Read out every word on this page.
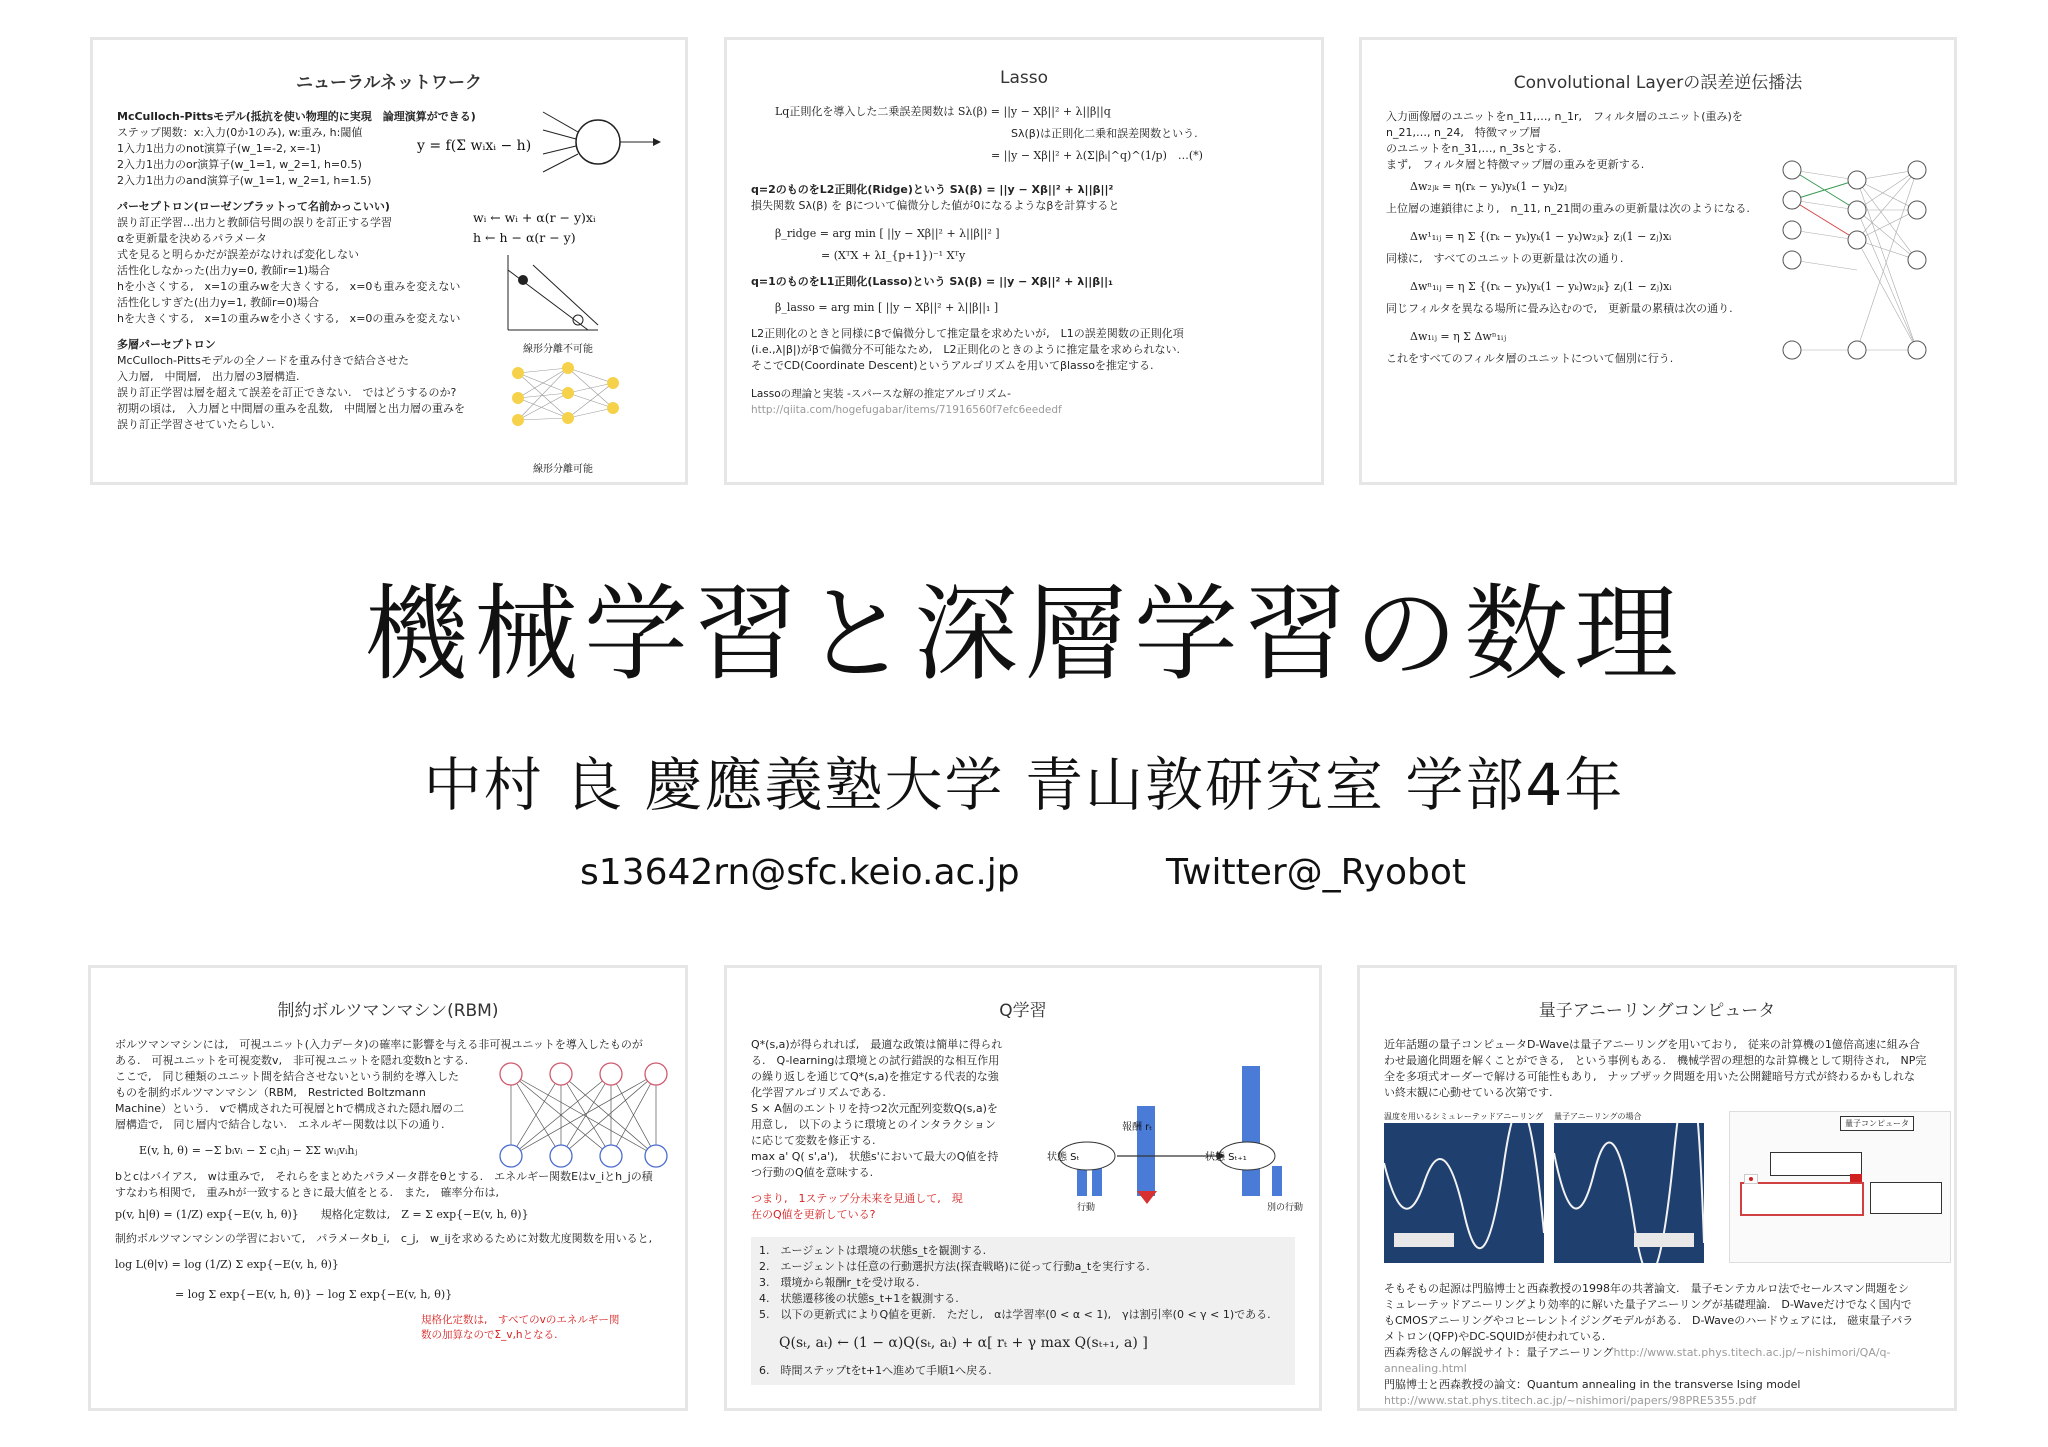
ニューラルネットワーク

McCulloch-Pittsモデル(抵抗を使い物理的に実現　論理演算ができる)

ステップ関数：x:入力(0か1のみ), w:重み, h:閾値

1入力1出力のnot演算子(w_1=-2, x=-1)

2入力1出力のor演算子(w_1=1, w_2=1, h=0.5)

2入力1出力のand演算子(w_1=1, w_2=1, h=1.5)

パーセプトロン(ローゼンブラットって名前かっこいい)

誤り訂正学習…出力と教師信号間の誤りを訂正する学習

αを更新量を決めるパラメータ

式を見ると明らかだが誤差がなければ変化しない

活性化しなかった(出力y=0, 教師r=1)場合

hを小さくする,　x=1の重みwを大きくする,　x=0も重みを変えない

活性化しすぎた(出力y=1, 教師r=0)場合

hを大きくする,　x=1の重みwを小さくする,　x=0の重みを変えない

多層パーセプトロン

McCulloch-Pittsモデルの全ノードを重み付きで結合させた

入力層,　中間層,　出力層の3層構造.

誤り訂正学習は層を超えて誤差を訂正できない.　ではどうするのか?

初期の頃は,　入力層と中間層の重みを乱数,　中間層と出力層の重みを

誤り訂正学習させていたらしい.

y = f(Σ wᵢxᵢ − h)
wᵢ ← wᵢ + α(r − y)xᵢ
h ← h − α(r − y)
線形分離不可能
線形分離可能
Lasso

Lq正則化を導入した二乗誤差関数は Sλ(β) = ||y − Xβ||² + λ||β||q

Sλ(β)は正則化二乗和誤差関数という.

= ||y − Xβ||² + λ(Σ|βᵢ|^q)^(1/p)　…(*)

q=2のものをL2正則化(Ridge)という Sλ(β) = ||y − Xβ||² + λ||β||²

損失関数 Sλ(β) を βについて偏微分した値が0になるようなβを計算すると

β_ridge = arg min [ ||y − Xβ||² + λ||β||² ]

= (XᵀX + λI_{p+1})⁻¹ Xᵀy

q=1のものをL1正則化(Lasso)という Sλ(β) = ||y − Xβ||² + λ||β||₁

β_lasso = arg min [ ||y − Xβ||² + λ||β||₁ ]

L2正則化のときと同様にβで偏微分して推定量を求めたいが,　L1の誤差関数の正則化項

(i.e.,λ|β|)がβで偏微分不可能なため,　L2正則化のときのように推定量を求められない.

そこでCD(Coordinate Descent)というアルゴリズムを用いてβlassoを推定する.

Lassoの理論と実装 -スパースな解の推定アルゴリズム-http://qiita.com/hogefugabar/items/71916560f7efc6eededf

Convolutional Layerの誤差逆伝播法

入力画像層のユニットをn_11,…, n_1r,　フィルタ層のユニット(重み)をn_21,…, n_24,　特徴マップ層

のユニットをn_31,…, n_3sとする.

まず,　フィルタ層と特徴マップ層の重みを更新する.

Δw₂ⱼₖ = η(rₖ − yₖ)yₖ(1 − yₖ)zⱼ

上位層の連鎖律により,　n_11, n_21間の重みの更新量は次のようになる.

Δw¹₁ᵢⱼ = η Σ {(rₖ − yₖ)yₖ(1 − yₖ)w₂ⱼₖ} zⱼ(1 − zⱼ)xᵢ

同様に,　すべてのユニットの更新量は次の通り.

Δwⁿ₁ᵢⱼ = η Σ {(rₖ − yₖ)yₖ(1 − yₖ)w₂ⱼₖ} zⱼ(1 − zⱼ)xᵢ

同じフィルタを異なる場所に畳み込むので,　更新量の累積は次の通り.

Δw₁ᵢⱼ = η Σ Δwⁿ₁ᵢⱼ

これをすべてのフィルタ層のユニットについて個別に行う.

機械学習と深層学習の数理
中村 良 慶應義塾大学 青山敦研究室 学部4年
s13642rn@sfc.keio.ac.jp	Twitter@_Ryobot
制約ボルツマンマシン(RBM)

ボルツマンマシンには,　可視ユニット(入力データ)の確率に影響を与える非可視ユニットを導入したものが

ある.　可視ユニットを可視変数v,　非可視ユニットを隠れ変数hとする.

ここで,　同じ種類のユニット間を結合させないという制約を導入した

ものを制約ボルツマンマシン（RBM,　Restricted Boltzmann

Machine）という.　vで構成された可視層とhで構成された隠れ層の二

層構造で,　同じ層内で結合しない.　エネルギー関数は以下の通り.

E(v, h, θ) = −Σ bᵢvᵢ − Σ cⱼhⱼ − ΣΣ wᵢⱼvᵢhⱼ

bとcはバイアス,　wは重みで,　それらをまとめたパラメータ群をθとする.　エネルギー関数Eはv_iとh_jの積

すなわち相関で,　重みhが一致するときに最大値をとる.　また,　確率分布は,

p(v, h|θ) = (1/Z) exp{−E(v, h, θ)}　　規格化定数は,　Z = Σ exp{−E(v, h, θ)}

制約ボルツマンマシンの学習において,　パラメータb_i,　c_j,　w_ijを求めるために対数尤度関数を用いると,

log L(θ|v) = log (1/Z) Σ exp{−E(v, h, θ)}

= log Σ exp{−E(v, h, θ)} − log Σ exp{−E(v, h, θ)}

規格化定数は,　すべてのvのエネルギー関
数の加算なのでΣ_v,hとなる.
Q学習

Q*(s,a)が得られれば,　最適な政策は簡単に得られ

る.　Q-learningは環境との試行錯誤的な相互作用

の繰り返しを通じてQ*(s,a)を推定する代表的な強

化学習アルゴリズムである.

S × A個のエントリを持つ2次元配列変数Q(s,a)を

用意し,　以下のように環境とのインタラクション

に応じて変数を修正する.

max a' Q( s',a'),　状態s'において最大のQ値を持

つ行動のQ値を意味する.

つまり,　1ステップ分未来を見通して,　現

在のQ値を更新している?

状態 Sₜ	状態 Sₜ₊₁
報酬 rₜ
行動	別の行動

1.　エージェントは環境の状態s_tを観測する.

2.　エージェントは任意の行動選択方法(探査戦略)に従って行動a_tを実行する.

3.　環境から報酬r_tを受け取る.

4.　状態遷移後の状態s_t+1を観測する.

5.　以下の更新式によりQ値を更新.　ただし,　αは学習率(0 < α < 1),　γは割引率(0 < γ < 1)である.

Q(sₜ, aₜ) ← (1 − α)Q(sₜ, aₜ) + α[ rₜ + γ max Q(sₜ₊₁, a) ]

6.　時間ステップtをt+1へ進めて手順1へ戻る.

量子アニーリングコンピュータ

近年話題の量子コンピュータD-Waveは量子アニーリングを用いており,　従来の計算機の1億倍高速に組み合

わせ最適化問題を解くことができる,　という事例もある.　機械学習の理想的な計算機として期待され,　NP完

全を多項式オーダーで解ける可能性もあり,　ナップザック問題を用いた公開鍵暗号方式が終わるかもしれな

い終末観に心動せている次第です.

温度を用いるシミュレーテッドアニーリング 量子アニーリングの場合
量子コンピュータ

そもそもの起源は門脇博士と西森教授の1998年の共著論文.　量子モンテカルロ法でセールスマン問題をシ

ミュレーテッドアニーリングより効率的に解いた量子アニーリングが基礎理論.　D-Waveだけでなく国内で

もCMOSアニーリングやコヒーレントイジングモデルがある.　D-Waveのハードウェアには,　磁束量子パラ

メトロン(QFP)やDC-SQUIDが使われている.

西森秀稔さんの解説サイト：量子アニーリングhttp://www.stat.phys.titech.ac.jp/~nishimori/QA/q-annealing.html

門脇博士と西森教授の論文：Quantum annealing in the transverse Ising model http://www.stat.phys.titech.ac.jp/~nishimori/papers/98PRE5355.pdf
